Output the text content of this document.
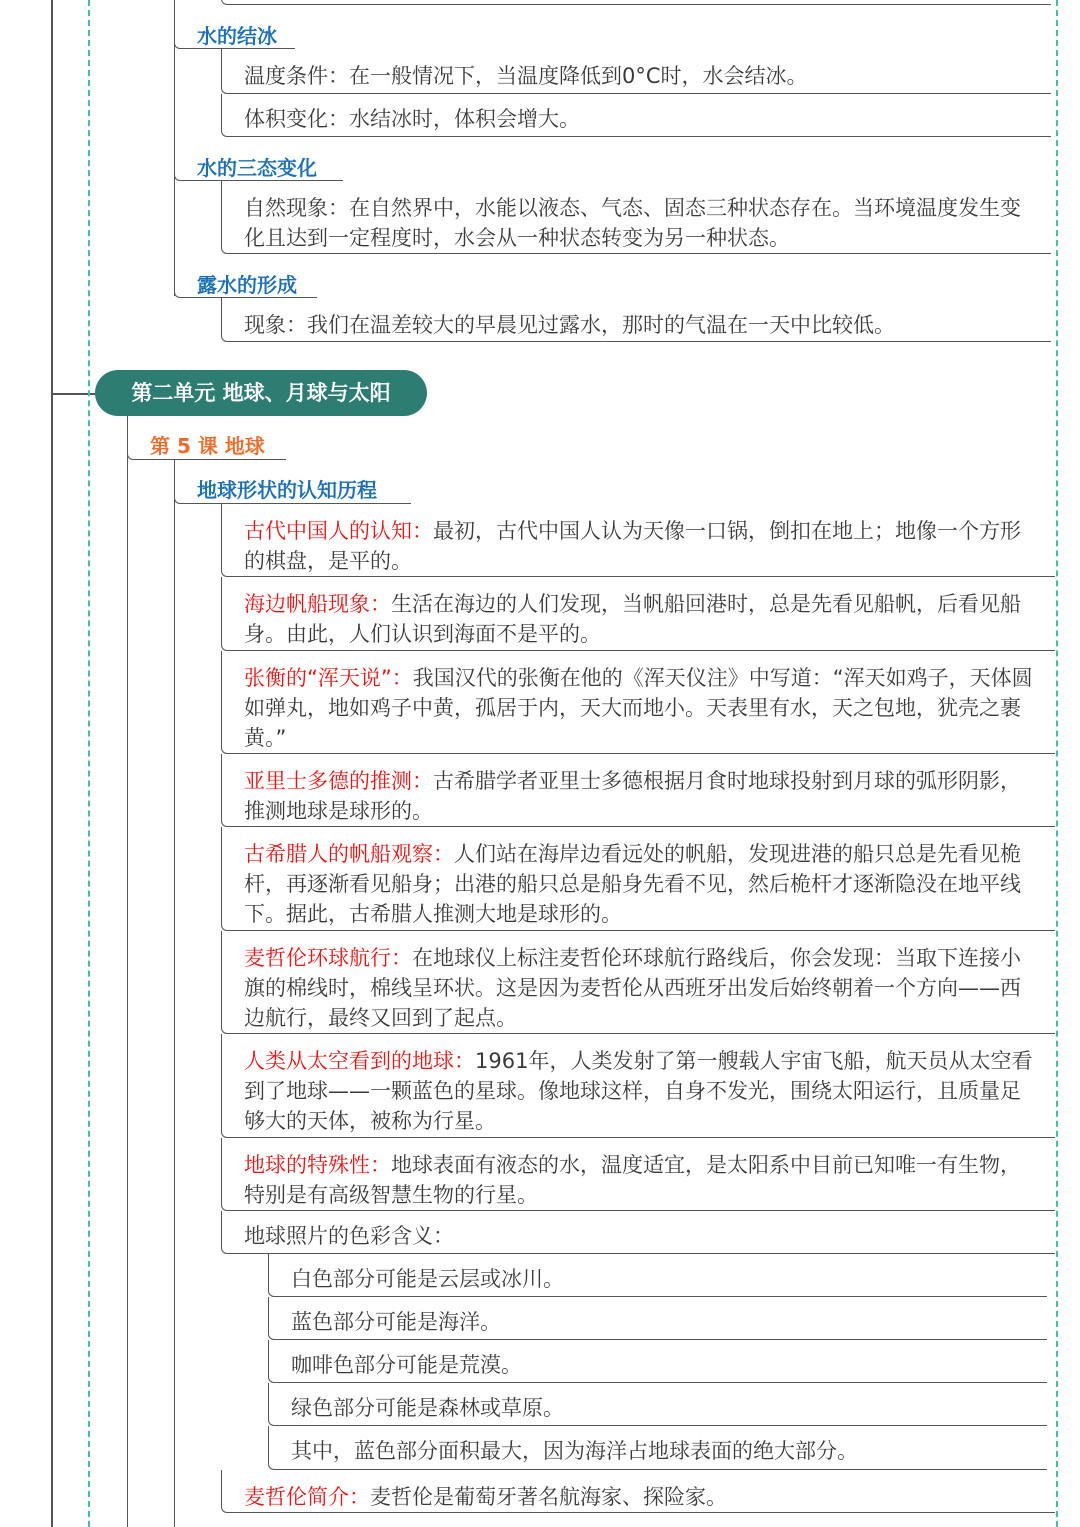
水的结冰
温度条件：在一般情况下，当温度降低到0°C时，水会结冰。
体积变化：水结冰时，体积会增大。
水的三态变化
自然现象：在自然界中，水能以液态、气态、固态三种状态存在。当环境温度发生变化且达到一定程度时，水会从一种状态转变为另一种状态。
露水的形成
现象：我们在温差较大的早晨见过露水，那时的气温在一天中比较低。
第二单元 地球、月球与太阳
第 5 课 地球
地球形状的认知历程
古代中国人的认知：最初，古代中国人认为天像一口锅，倒扣在地上；地像一个方形的棋盘，是平的。
海边帆船现象：生活在海边的人们发现，当帆船回港时，总是先看见船帆，后看见船身。由此，人们认识到海面不是平的。
张衡的“浑天说”：我国汉代的张衡在他的《浑天仪注》中写道：“浑天如鸡子，天体圆如弹丸，地如鸡子中黄，孤居于内，天大而地小。天表里有水，天之包地，犹壳之裹黄。”
亚里士多德的推测：古希腊学者亚里士多德根据月食时地球投射到月球的弧形阴影，推测地球是球形的。
古希腊人的帆船观察：人们站在海岸边看远处的帆船，发现进港的船只总是先看见桅杆，再逐渐看见船身；出港的船只总是船身先看不见，然后桅杆才逐渐隐没在地平线下。据此，古希腊人推测大地是球形的。
麦哲伦环球航行：在地球仪上标注麦哲伦环球航行路线后，你会发现：当取下连接小旗的棉线时，棉线呈环状。这是因为麦哲伦从西班牙出发后始终朝着一个方向——西边航行，最终又回到了起点。
人类从太空看到的地球：1961年，人类发射了第一艘载人宇宙飞船，航天员从太空看到了地球——一颗蓝色的星球。像地球这样，自身不发光，围绕太阳运行，且质量足够大的天体，被称为行星。
地球的特殊性：地球表面有液态的水，温度适宜，是太阳系中目前已知唯一有生物，特别是有高级智慧生物的行星。
地球照片的色彩含义：
白色部分可能是云层或冰川。
蓝色部分可能是海洋。
咖啡色部分可能是荒漠。
绿色部分可能是森林或草原。
其中，蓝色部分面积最大，因为海洋占地球表面的绝大部分。
麦哲伦简介：麦哲伦是葡萄牙著名航海家、探险家。
